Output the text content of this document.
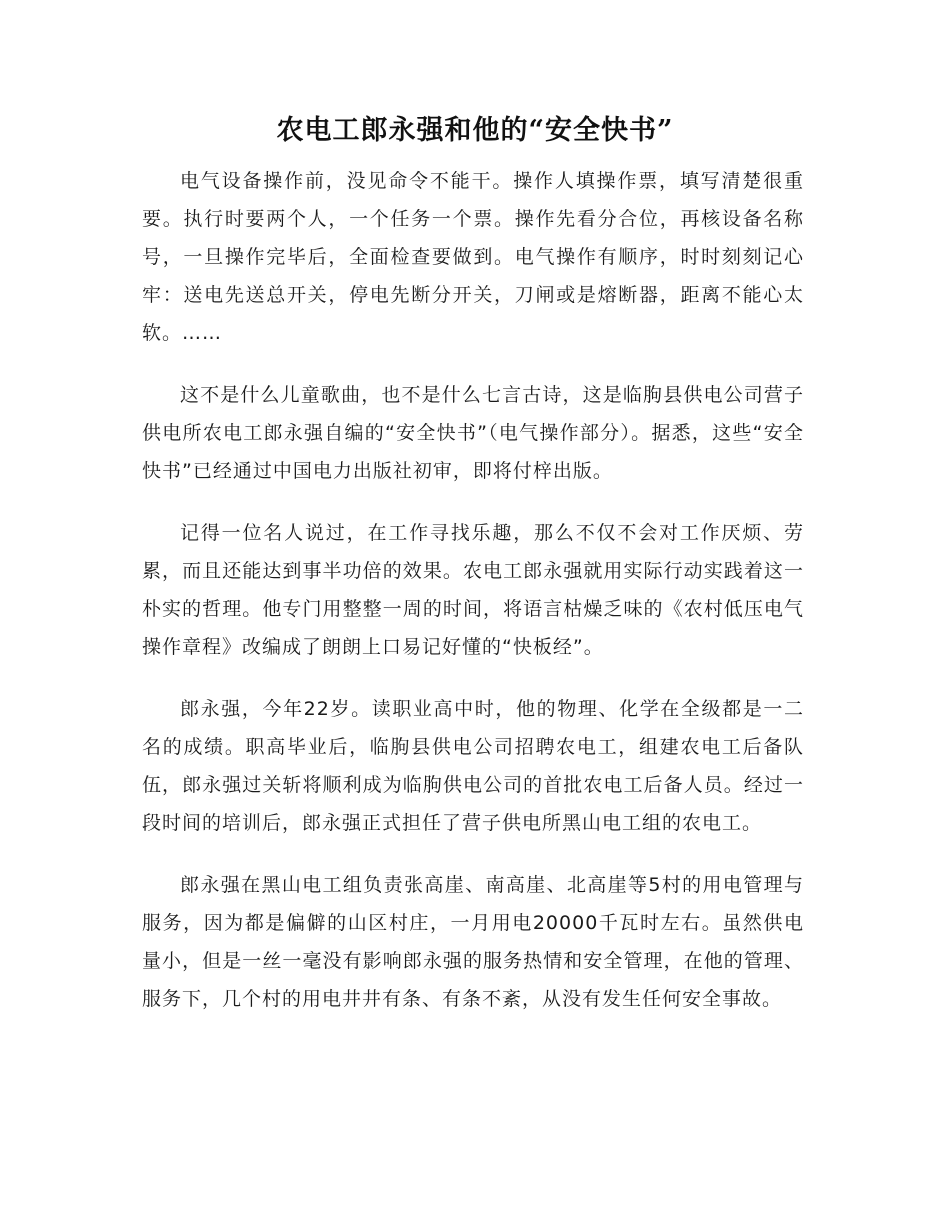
农电工郎永强和他的“安全快书”

电气设备操作前，没见命令不能干。操作人填操作票，填写清楚很重要。执行时要两个人，一个任务一个票。操作先看分合位，再核设备名称号，一旦操作完毕后，全面检查要做到。电气操作有顺序，时时刻刻记心牢：送电先送总开关，停电先断分开关，刀闸或是熔断器，距离不能心太软。……

这不是什么儿童歌曲，也不是什么七言古诗，这是临朐县供电公司营子供电所农电工郎永强自编的“安全快书”（电气操作部分）。据悉，这些“安全快书”已经通过中国电力出版社初审，即将付梓出版。

记得一位名人说过，在工作寻找乐趣，那么不仅不会对工作厌烦、劳累，而且还能达到事半功倍的效果。农电工郎永强就用实际行动实践着这一朴实的哲理。他专门用整整一周的时间，将语言枯燥乏味的《农村低压电气操作章程》改编成了朗朗上口易记好懂的“快板经”。

郎永强，今年22岁。读职业高中时，他的物理、化学在全级都是一二名的成绩。职高毕业后，临朐县供电公司招聘农电工，组建农电工后备队伍，郎永强过关斩将顺利成为临朐供电公司的首批农电工后备人员。经过一段时间的培训后，郎永强正式担任了营子供电所黑山电工组的农电工。

郎永强在黑山电工组负责张高崖、南高崖、北高崖等5村的用电管理与服务，因为都是偏僻的山区村庄，一月用电20000千瓦时左右。虽然供电量小，但是一丝一毫没有影响郎永强的服务热情和安全管理，在他的管理、服务下，几个村的用电井井有条、有条不紊，从没有发生任何安全事故。
